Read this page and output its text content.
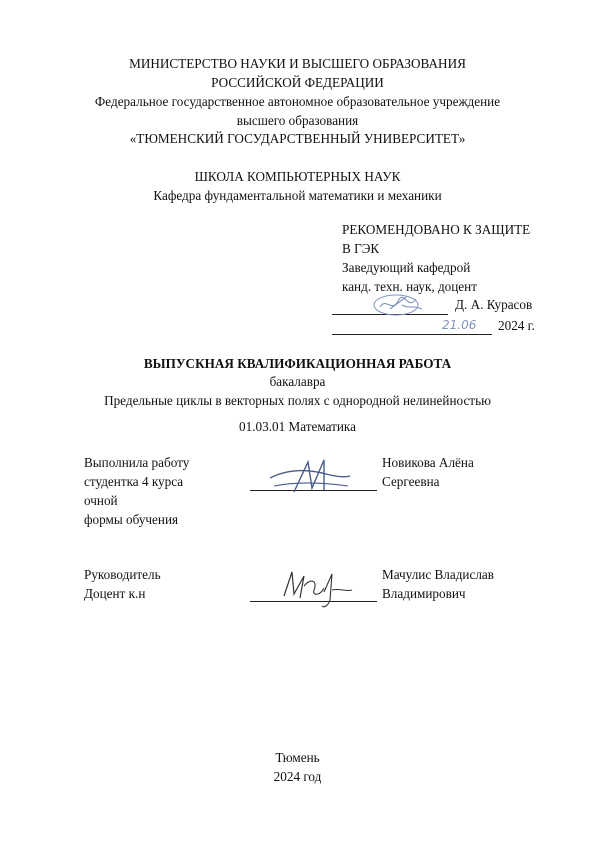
МИНИСТЕРСТВО НАУКИ И ВЫСШЕГО ОБРАЗОВАНИЯ
РОССИЙСКОЙ ФЕДЕРАЦИИ
Федеральное государственное автономное образовательное учреждение
высшего образования
«ТЮМЕНСКИЙ ГОСУДАРСТВЕННЫЙ УНИВЕРСИТЕТ»
ШКОЛА КОМПЬЮТЕРНЫХ НАУК
Кафедра фундаментальной математики и механики
РЕКОМЕНДОВАНО К ЗАЩИТЕ
В ГЭК
Заведующий кафедрой
канд. техн. наук, доцент
Д. А. Курасов
21.06 2024 г.
ВЫПУСКНАЯ КВАЛИФИКАЦИОННАЯ РАБОТА
бакалавра
Предельные циклы в векторных полях с однородной нелинейностью
01.03.01 Математика
Выполнила работу
студентка 4 курса
очной
формы обучения
Новикова Алёна
Сергеевна
Руководитель
Доцент к.н
Мачулис Владислав
Владимирович
Тюмень
2024 год
